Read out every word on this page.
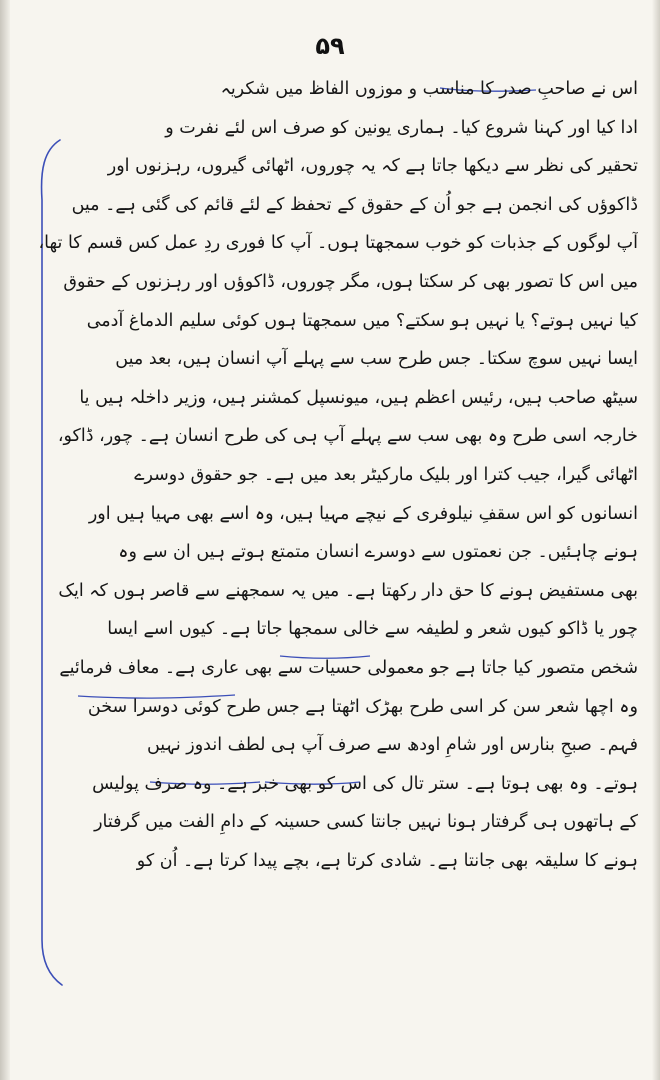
۵۹
اس نے صاحبِ صدر کا مناسب و موزوں الفاظ میں شکریہ
ادا کیا اور کہنا شروع کیا۔ ہماری یونین کو صرف اس لئے نفرت و
تحقیر کی نظر سے دیکھا جاتا ہے کہ یہ چوروں، اٹھائی گیروں، رہزنوں اور
ڈاکوؤں کی انجمن ہے جو اُن کے حقوق کے تحفظ کے لئے قائم کی گئی ہے۔ میں
آپ لوگوں کے جذبات کو خوب سمجھتا ہوں۔ آپ کا فوری ردِ عمل کس قسم کا تھا،
میں اس کا تصور بھی کر سکتا ہوں، مگر چوروں، ڈاکوؤں اور رہزنوں کے حقوق
کیا نہیں ہوتے؟ یا نہیں ہو سکتے؟ میں سمجھتا ہوں کوئی سلیم الدماغ آدمی
ایسا نہیں سوچ سکتا۔ جس طرح سب سے پہلے آپ انسان ہیں، بعد میں
سیٹھ صاحب ہیں، رئیس اعظم ہیں، میونسپل کمشنر ہیں، وزیر داخلہ ہیں یا
خارجہ اسی طرح وہ بھی سب سے پہلے آپ ہی کی طرح انسان ہے۔ چور، ڈاکو،
اٹھائی گیرا، جیب کترا اور بلیک مارکیٹر بعد میں ہے۔ جو حقوق دوسرے
انسانوں کو اس سقفِ نیلوفری کے نیچے مہیا ہیں، وہ اسے بھی مہیا ہیں اور
ہونے چاہئیں۔ جن نعمتوں سے دوسرے انسان متمتع ہوتے ہیں ان سے وہ
بھی مستفیض ہونے کا حق دار رکھتا ہے۔ میں یہ سمجھنے سے قاصر ہوں کہ ایک
چور یا ڈاکو کیوں شعر و لطیفہ سے خالی سمجھا جاتا ہے۔ کیوں اسے ایسا
شخص متصور کیا جاتا ہے جو معمولی حسیات سے بھی عاری ہے۔ معاف فرمائیے
وہ اچھا شعر سن کر اسی طرح بھڑک اٹھتا ہے جس طرح کوئی دوسرا سخن
فہم۔ صبحِ بنارس اور شامِ اودھ سے صرف آپ ہی لطف اندوز نہیں
ہوتے۔ وہ بھی ہوتا ہے۔ ستر تال کی اس کو بھی خبر ہے۔ وہ صرف پولیس
کے ہاتھوں ہی گرفتار ہونا نہیں جانتا کسی حسینہ کے دامِ الفت میں گرفتار
ہونے کا سلیقہ بھی جانتا ہے۔ شادی کرتا ہے، بچے پیدا کرتا ہے۔ اُن کو
